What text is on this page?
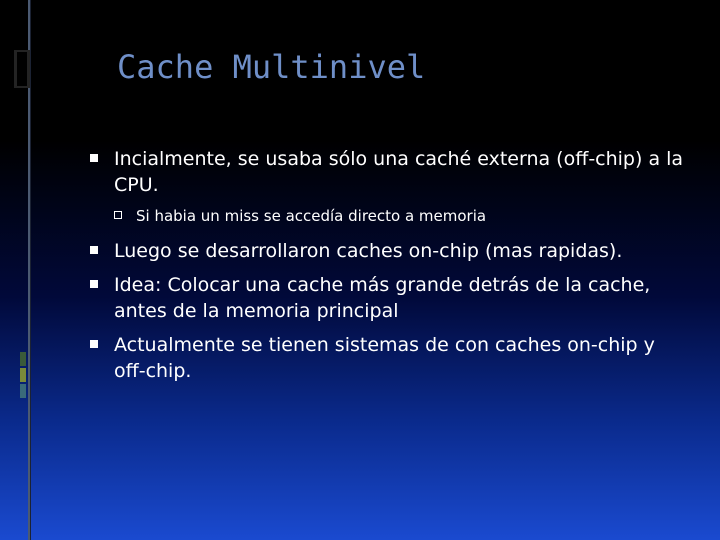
Cache Multinivel
Incialmente, se usaba sólo una caché externa (off-chip) a la CPU.
Si habia un miss se accedía directo a memoria
Luego se desarrollaron caches on-chip (mas rapidas).
Idea: Colocar una cache más grande detrás de la cache, antes de la memoria principal
Actualmente se tienen sistemas de con caches on-chip y off-chip.
